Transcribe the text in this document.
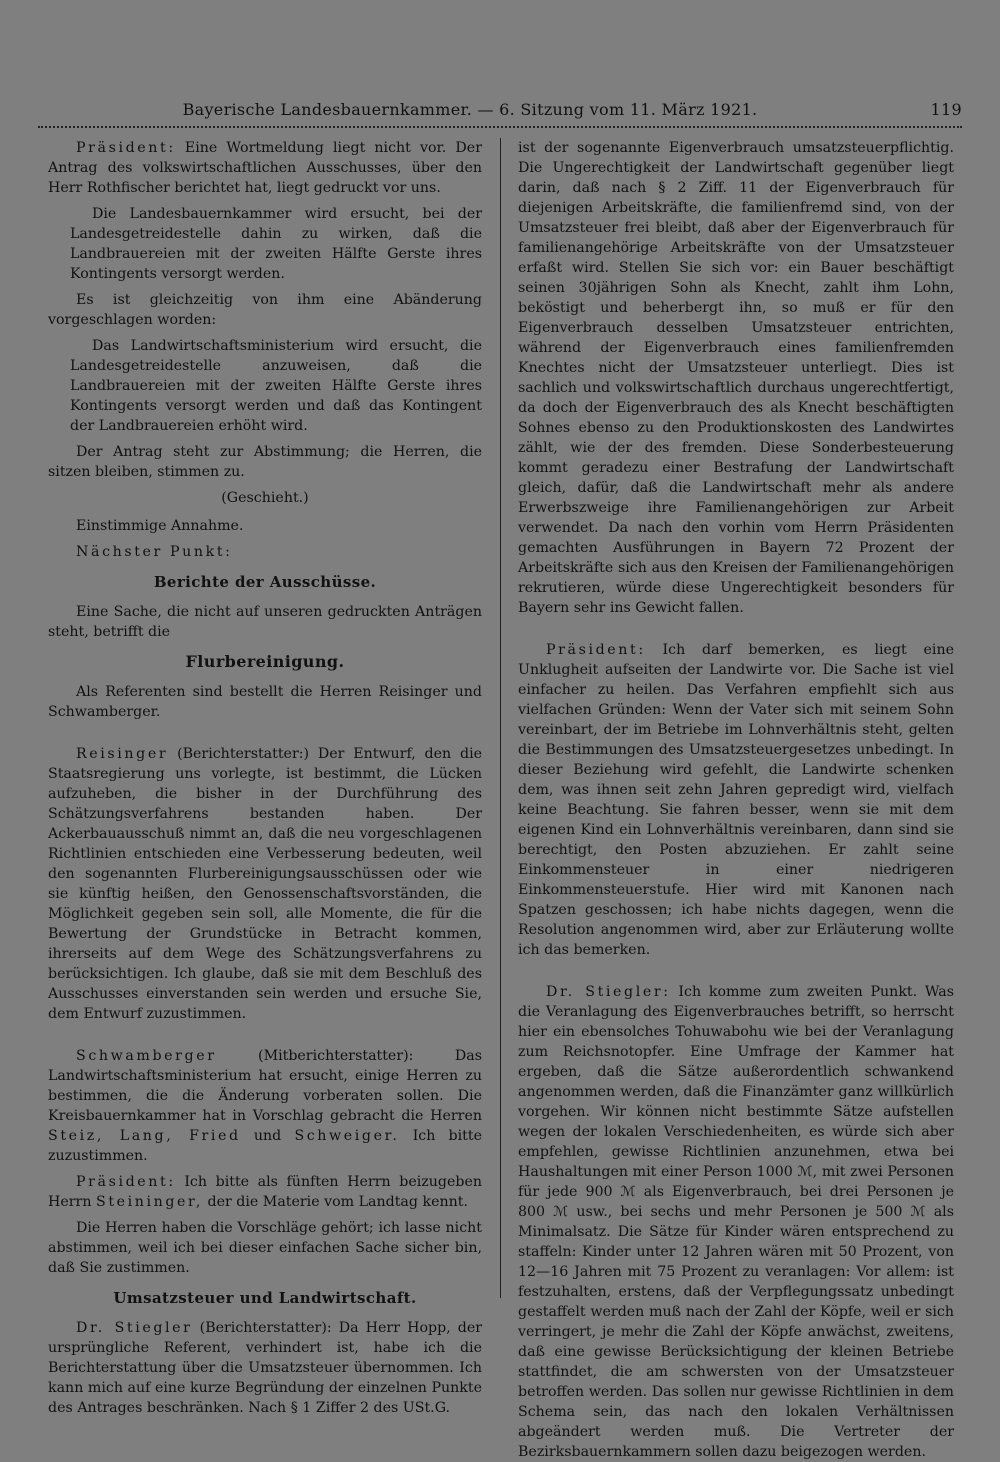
Bayerische Landesbauernkammer. — 6. Sitzung vom 11. März 1921.	119

Präsident: Eine Wortmeldung liegt nicht vor. Der Antrag des volkswirtschaftlichen Ausschusses, über den Herr Rothfischer berichtet hat, liegt gedruckt vor uns.

Die Landesbauernkammer wird ersucht, bei der Landesgetreidestelle dahin zu wirken, daß die Landbrauereien mit der zweiten Hälfte Gerste ihres Kontingents versorgt werden.

Es ist gleichzeitig von ihm eine Abänderung vorgeschlagen worden:

Das Landwirtschaftsministerium wird ersucht, die Landesgetreidestelle anzuweisen, daß die Landbrauereien mit der zweiten Hälfte Gerste ihres Kontingents versorgt werden und daß das Kontingent der Landbrauereien erhöht wird.

Der Antrag steht zur Abstimmung; die Herren, die sitzen bleiben, stimmen zu.

(Geschieht.)

Einstimmige Annahme.

Nächster Punkt:

Berichte der Ausschüsse.

Eine Sache, die nicht auf unseren gedruckten Anträgen steht, betrifft die

Flurbereinigung.

Als Referenten sind bestellt die Herren Reisinger und Schwamberger.

Reisinger (Berichterstatter:) Der Entwurf, den die Staatsregierung uns vorlegte, ist bestimmt, die Lücken aufzuheben, die bisher in der Durchführung des Schätzungsverfahrens bestanden haben. Der Ackerbauausschuß nimmt an, daß die neu vorgeschlagenen Richtlinien entschieden eine Verbesserung bedeuten, weil den sogenannten Flurbereinigungsausschüssen oder wie sie künftig heißen, den Genossenschaftsvorständen, die Möglichkeit gegeben sein soll, alle Momente, die für die Bewertung der Grundstücke in Betracht kommen, ihrerseits auf dem Wege des Schätzungsverfahrens zu berücksichtigen. Ich glaube, daß sie mit dem Beschluß des Ausschusses einverstanden sein werden und ersuche Sie, dem Entwurf zuzustimmen.

Schwamberger	(Mitberichterstatter): Das Landwirtschaftsministerium hat ersucht, einige Herren zu bestimmen, die die Änderung vorberaten sollen. Die Kreisbauernkammer hat in Vorschlag gebracht die Herren Steiz, Lang, Fried und Schweiger. Ich bitte zuzustimmen.

Präsident: Ich bitte als fünften Herrn beizugeben Herrn Steininger, der die Materie vom Landtag kennt.

Die Herren haben die Vorschläge gehört; ich lasse nicht abstimmen, weil ich bei dieser einfachen Sache sicher bin, daß Sie zustimmen.

Umsatzsteuer und Landwirtschaft.

Dr. Stiegler (Berichterstatter): Da Herr Hopp, der ursprüngliche Referent, verhindert ist, habe ich die Berichterstattung über die Umsatzsteuer übernommen. Ich kann mich auf eine kurze Begründung der einzelnen Punkte des Antrages beschränken. Nach § 1 Ziffer 2 des USt.G.

ist der sogenannte Eigenverbrauch umsatzsteuerpflichtig. Die Ungerechtigkeit der Landwirtschaft gegenüber liegt darin, daß nach § 2 Ziff. 11 der Eigenverbrauch für diejenigen Arbeitskräfte, die familienfremd sind, von der Umsatzsteuer frei bleibt, daß aber der Eigenverbrauch für familienangehörige Arbeitskräfte von der Umsatzsteuer erfaßt wird. Stellen Sie sich vor: ein Bauer beschäftigt seinen 30jährigen Sohn als Knecht, zahlt ihm Lohn, beköstigt und beherbergt ihn, so muß er für den Eigenverbrauch desselben Umsatzsteuer entrichten, während der Eigenverbrauch eines familienfremden Knechtes nicht der Umsatzsteuer unterliegt. Dies ist sachlich und volkswirtschaftlich durchaus ungerechtfertigt, da doch der Eigenverbrauch des als Knecht beschäftigten Sohnes ebenso zu den Produktionskosten des Landwirtes zählt, wie der des fremden. Diese Sonderbesteuerung kommt geradezu einer Bestrafung der Landwirtschaft gleich, dafür, daß die Landwirtschaft mehr als andere Erwerbszweige ihre Familienangehörigen zur Arbeit verwendet. Da nach den vorhin vom Herrn Präsidenten gemachten Ausführungen in Bayern 72 Prozent der Arbeitskräfte sich aus den Kreisen der Familienangehörigen rekrutieren, würde diese Ungerechtigkeit besonders für Bayern sehr ins Gewicht fallen.

Präsident: Ich darf bemerken, es liegt eine Unklugheit aufseiten der Landwirte vor. Die Sache ist viel einfacher zu heilen. Das Verfahren empfiehlt sich aus vielfachen Gründen: Wenn der Vater sich mit seinem Sohn vereinbart, der im Betriebe im Lohnverhältnis steht, gelten die Bestimmungen des Umsatzsteuergesetzes unbedingt. In dieser Beziehung wird gefehlt, die Landwirte schenken dem, was ihnen seit zehn Jahren gepredigt wird, vielfach keine Beachtung. Sie fahren besser, wenn sie mit dem eigenen Kind ein Lohnverhältnis vereinbaren, dann sind sie berechtigt, den Posten abzuziehen. Er zahlt seine Einkommensteuer in einer niedrigeren Einkommensteuerstufe. Hier wird mit Kanonen nach Spatzen geschossen; ich habe nichts dagegen, wenn die Resolution angenommen wird, aber zur Erläuterung wollte ich das bemerken.

Dr. Stiegler: Ich komme zum zweiten Punkt. Was die Veranlagung des Eigenverbrauches betrifft, so herrscht hier ein ebensolches Tohuwabohu wie bei der Veranlagung zum Reichsnotopfer. Eine Umfrage der Kammer hat ergeben, daß die Sätze außerordentlich schwankend angenommen werden, daß die Finanzämter ganz willkürlich vorgehen. Wir können nicht bestimmte Sätze aufstellen wegen der lokalen Verschiedenheiten, es würde sich aber empfehlen, gewisse Richtlinien anzunehmen, etwa bei Haushaltungen mit einer Person 1000 ℳ, mit zwei Personen für jede 900 ℳ als Eigenverbrauch, bei drei Personen je 800 ℳ usw., bei sechs und mehr Personen je 500 ℳ als Minimalsatz. Die Sätze für Kinder wären entsprechend zu staffeln: Kinder unter 12 Jahren wären mit 50 Prozent, von 12—16 Jahren mit 75 Prozent zu veranlagen: Vor allem: ist festzuhalten, erstens, daß der Verpflegungssatz unbedingt gestaffelt werden muß nach der Zahl der Köpfe, weil er sich verringert, je mehr die Zahl der Köpfe anwächst, zweitens, daß eine gewisse Berücksichtigung der kleinen Betriebe stattfindet, die am schwersten von der Umsatzsteuer betroffen werden. Das sollen nur gewisse Richtlinien in dem Schema sein, das nach den lokalen Verhältnissen abgeändert werden muß. Die Vertreter der Bezirksbauernkammern sollen dazu beigezogen werden.
